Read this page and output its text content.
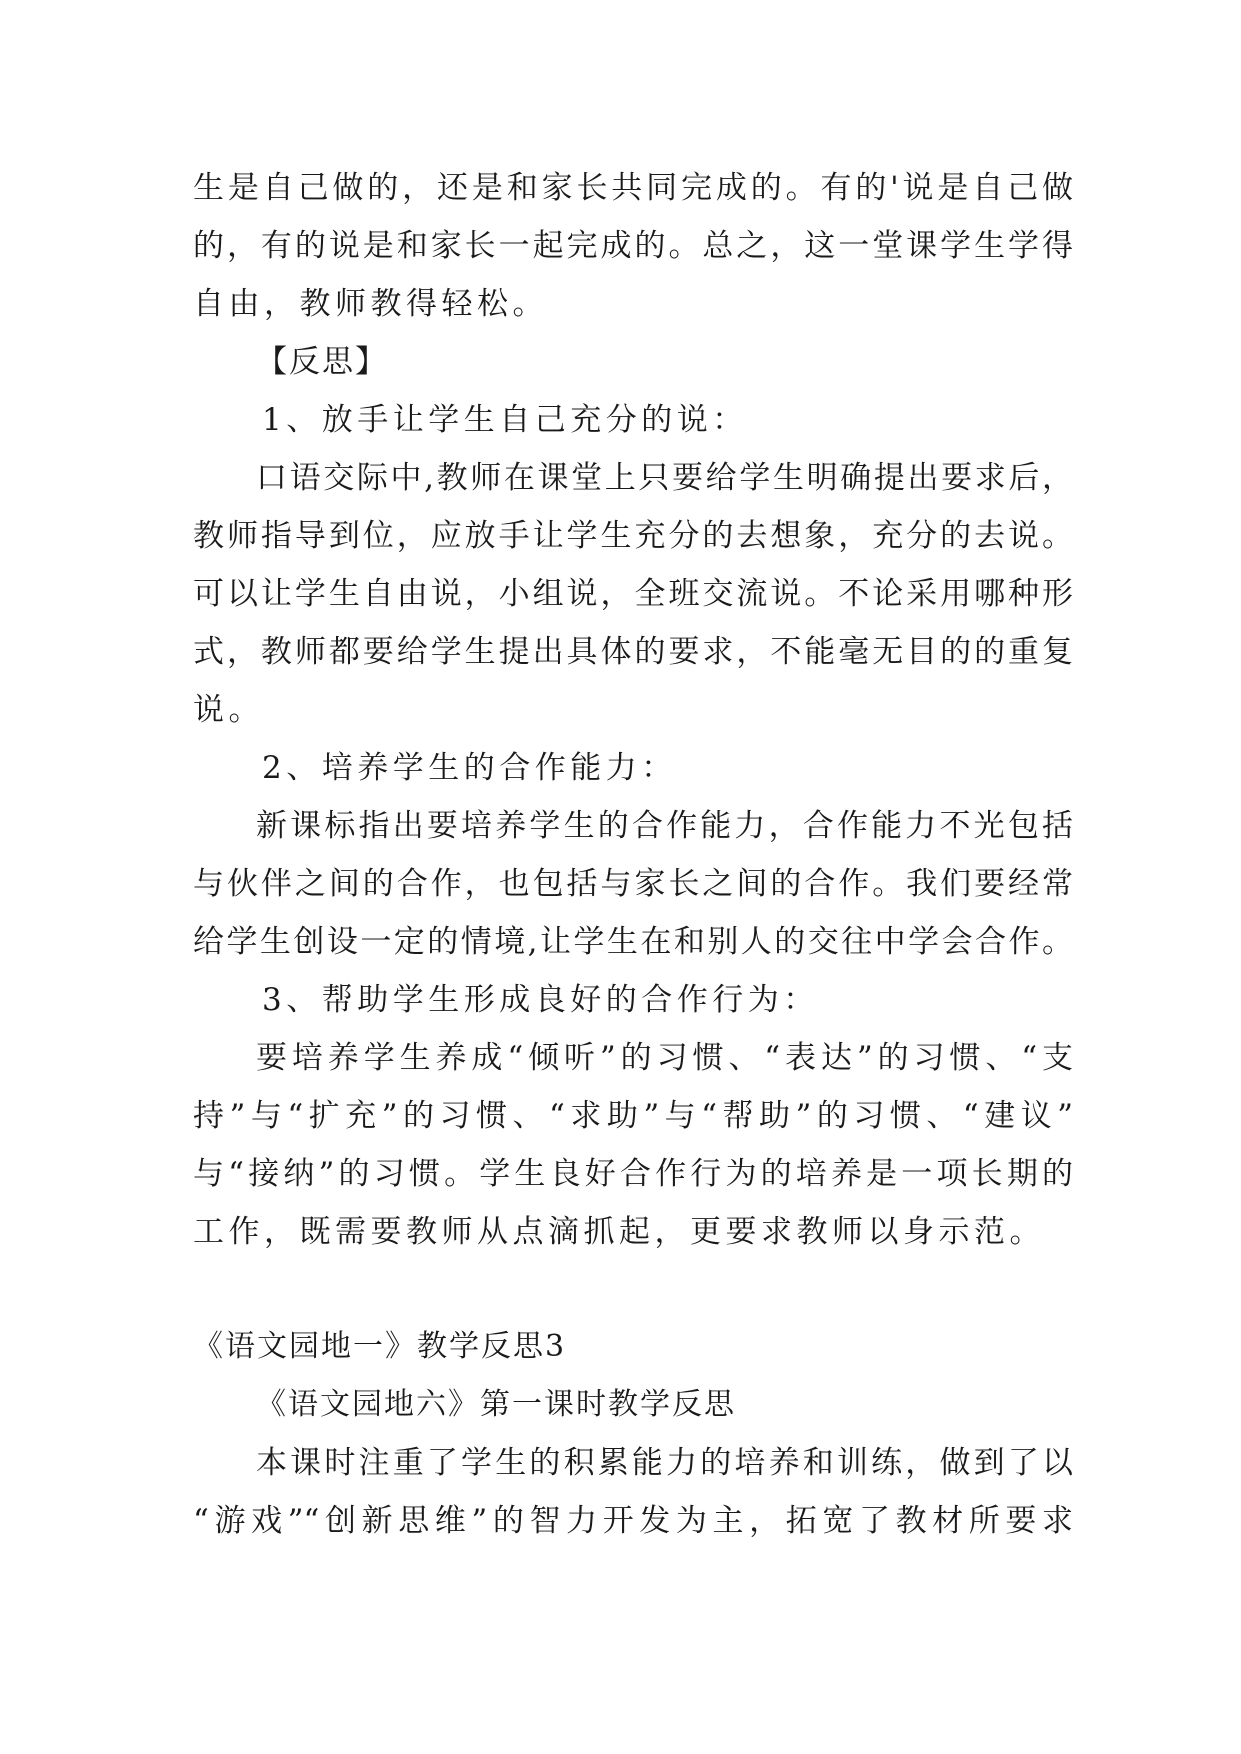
生是自己做的，还是和家长共同完成的。有的'说是自己做
的，有的说是和家长一起完成的。总之，这一堂课学生学得
自由，教师教得轻松。
【反思】
1、放手让学生自己充分的说：
口语交际中,教师在课堂上只要给学生明确提出要求后，
教师指导到位，应放手让学生充分的去想象，充分的去说。
可以让学生自由说，小组说，全班交流说。不论采用哪种形
式，教师都要给学生提出具体的要求，不能毫无目的的重复
说。
2、培养学生的合作能力：
新课标指出要培养学生的合作能力，合作能力不光包括
与伙伴之间的合作，也包括与家长之间的合作。我们要经常
给学生创设一定的情境,让学生在和别人的交往中学会合作。
3、帮助学生形成良好的合作行为：
要培养学生养成“倾听”的习惯、“表达”的习惯、“支
持”与“扩充”的习惯、“求助”与“帮助”的习惯、“建议”
与“接纳”的习惯。学生良好合作行为的培养是一项长期的
工作，既需要教师从点滴抓起，更要求教师以身示范。
《语文园地一》教学反思3
《语文园地六》第一课时教学反思
本课时注重了学生的积累能力的培养和训练，做到了以
“游戏”“创新思维”的智力开发为主，拓宽了教材所要求
